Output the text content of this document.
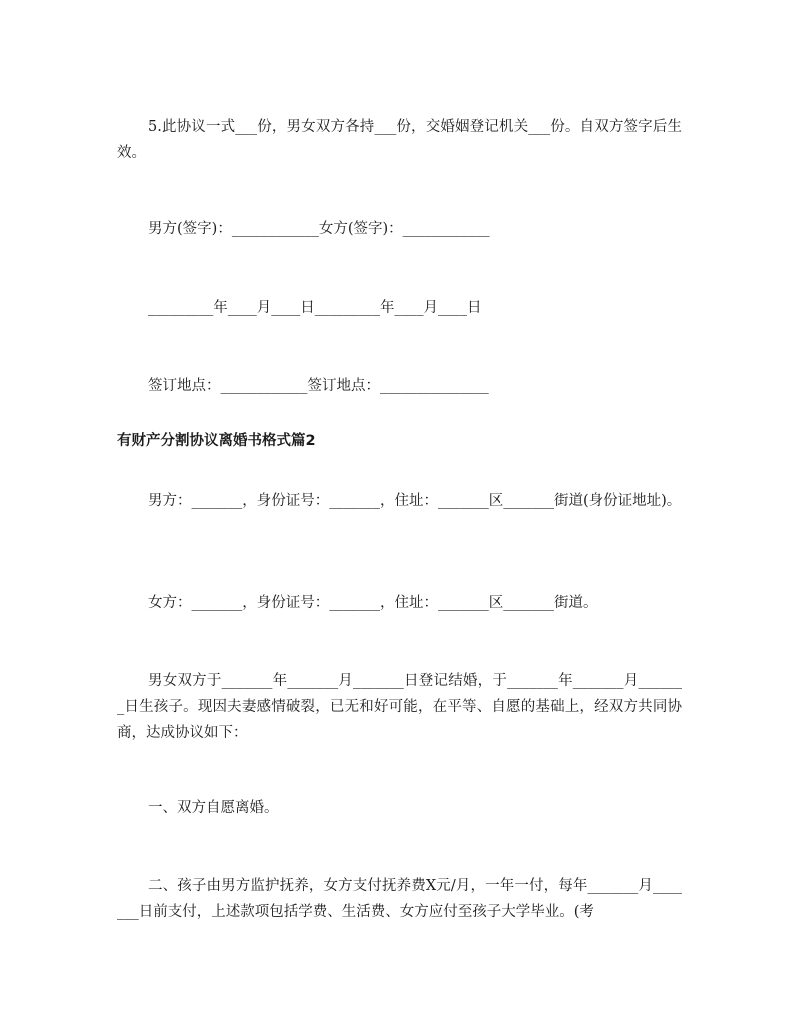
5.此协议一式___份，男女双方各持___份，交婚姻登记机关___份。自双方签字后生效。
男方(签字)：____________女方(签字)：____________
_________年____月____日_________年____月____日
签订地点：____________签订地点：_______________
有财产分割协议离婚书格式篇2
男方：_______，身份证号：_______，住址：_______区_______街道(身份证地址)。
女方：_______，身份证号：_______，住址：_______区_______街道。
男女双方于_______年_______月_______日登记结婚，于_______年_______月_______日生孩子。现因夫妻感情破裂，已无和好可能，在平等、自愿的基础上，经双方共同协商，达成协议如下：
一、双方自愿离婚。
二、孩子由男方监护抚养，女方支付抚养费X元/月，一年一付，每年_______月_______日前支付，上述款项包括学费、生活费、女方应付至孩子大学毕业。(考
